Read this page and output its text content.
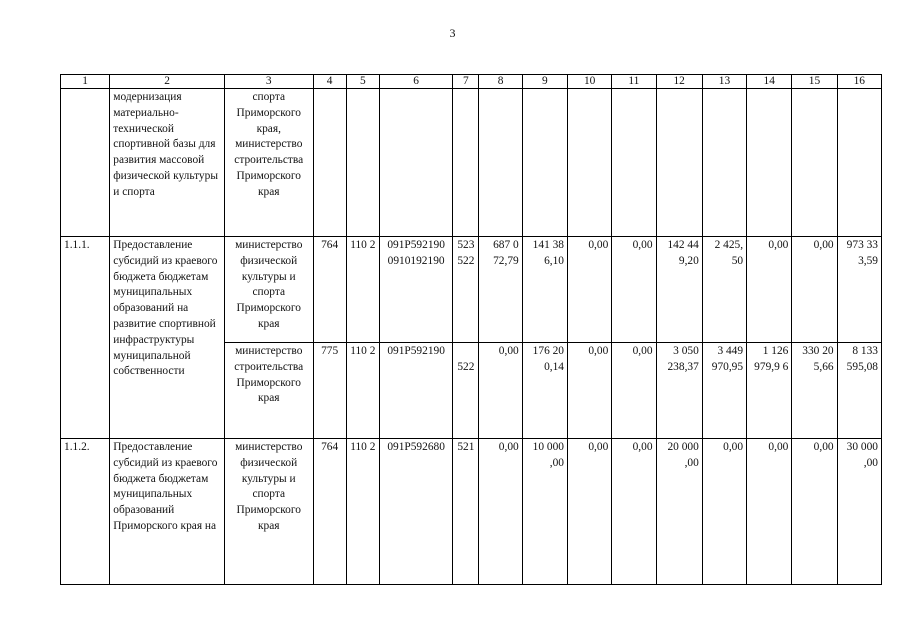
3
1	2	3	4	5	6	7	8	9	10	11	12	13	14	15	16
	модернизация материально-технической спортивной базы для развития массовой физической культуры и спорта	спорта Приморского края, министерство строительства Приморского края													
1.1.1.	Предоставление субсидий из краевого бюджета бюджетам муниципальных образований на развитие спортивной инфраструктуры муниципальной собственности	министерство физической культуры и спорта Приморского края	764	110 2	091P592190 0910192190	523 522	687 0 72,79	141 38 6,10	0,00	0,00	142 44 9,20	2 425, 50	0,00	0,00	973 33 3,59
		министерство строительства Приморского края	775	110 2	091P592190	522	0,00	176 20 0,14	0,00	0,00	3 050 238,37	3 449 970,95	1 126 979,9 6	330 20 5,66	8 133 595,08
1.1.2.	Предоставление субсидий из краевого бюджета бюджетам муниципальных образований Приморского края на	министерство физической культуры и спорта Приморского края	764	110 2	091P592680	521	0,00	10 000 ,00	0,00	0,00	20 000 ,00	0,00	0,00	0,00	30 000 ,00
